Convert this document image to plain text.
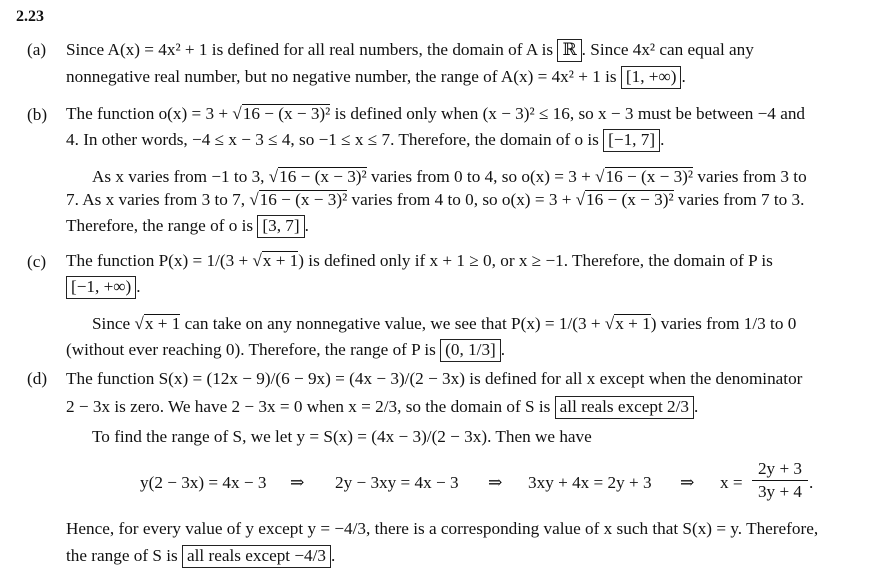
2.23
(a) Since A(x) = 4x² + 1 is defined for all real numbers, the domain of A is ℝ . Since 4x² can equal any
nonnegative real number, but no negative number, the range of A(x) = 4x² + 1 is [1, +∞) .
(b) The function o(x) = 3 + √16 − (x − 3)² is defined only when (x − 3)² ≤ 16, so x − 3 must be between −4 and
4. In other words, −4 ≤ x − 3 ≤ 4, so −1 ≤ x ≤ 7. Therefore, the domain of o is [−1, 7] .
As x varies from −1 to 3, √16 − (x − 3)² varies from 0 to 4, so o(x) = 3 + √16 − (x − 3)² varies from 3 to
7. As x varies from 3 to 7, √16 − (x − 3)² varies from 4 to 0, so o(x) = 3 + √16 − (x − 3)² varies from 7 to 3.
Therefore, the range of o is [3, 7] .
(c) The function P(x) = 1/(3 + √x + 1) is defined only if x + 1 ≥ 0, or x ≥ −1. Therefore, the domain of P is
[−1, +∞) .
Since √x + 1 can take on any nonnegative value, we see that P(x) = 1/(3 + √x + 1) varies from 1/3 to 0
(without ever reaching 0). Therefore, the range of P is (0, 1/3] .
(d) The function S(x) = (12x − 9)/(6 − 9x) = (4x − 3)/(2 − 3x) is defined for all x except when the denominator
2 − 3x is zero. We have 2 − 3x = 0 when x = 2/3, so the domain of S is all reals except 2/3 .
To find the range of S, we let y = S(x) = (4x − 3)/(2 − 3x). Then we have
y(2 − 3x) = 4x − 3 ⇒ 2y − 3xy = 4x − 3 ⇒ 3xy + 4x = 2y + 3 ⇒ x =
2y + 3
3y + 4 .
Hence, for every value of y except y = −4/3, there is a corresponding value of x such that S(x) = y. Therefore,
the range of S is all reals except −4/3 .
